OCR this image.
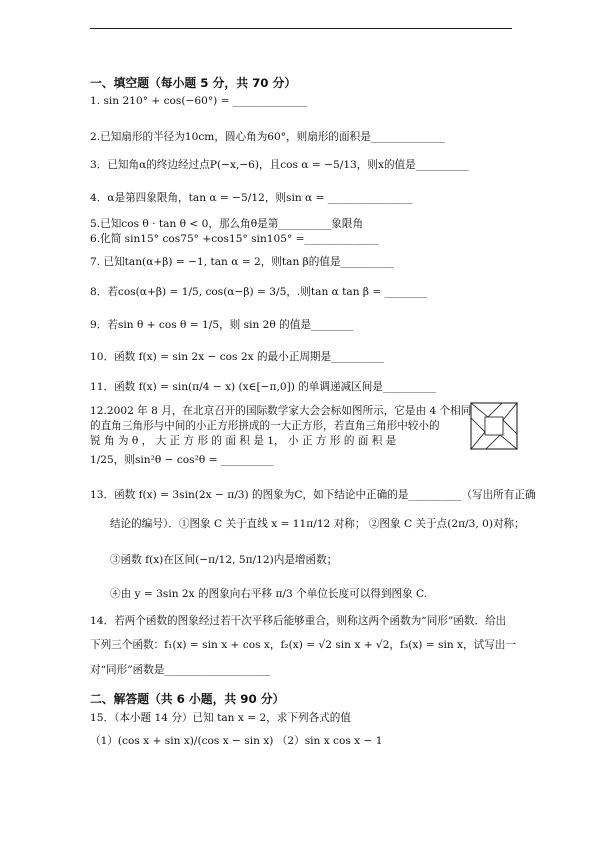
一、填空题（每小题 5 分，共 70 分）
1. sin 210° + cos(−60°) = ______________
2.已知扇形的半径为10cm，圆心角为60°，则扇形的面积是______________
3．已知角α的终边经过点P(−x,−6)，且cos α = −5/13，则x的值是__________
4．α是第四象限角，tan α = −5/12，则sin α = ________________
5.已知cos θ · tan θ < 0，那么角θ是第__________象限角
6.化简 sin15° cos75° +cos15° sin105° =______________
7. 已知tan(α+β) = −1, tan α = 2，则tan β的值是__________
8．若cos(α+β) = 1/5, cos(α−β) = 3/5，.则tan α tan β = ________
9．若sin θ + cos θ = 1/5，则 sin 2θ 的值是________
10．函数 f(x) = sin 2x − cos 2x 的最小正周期是__________
11．函数 f(x) = sin(π/4 − x) (x∈[−π,0]) 的单调递减区间是__________
12.2002 年 8 月，在北京召开的国际数学家大会会标如图所示，它是由 4 个相同
的直角三角形与中间的小正方形拼成的一大正方形，若直角三角形中较小的
锐 角 为 θ ， 大 正 方 形 的 面 积 是 1， 小 正 方 形 的 面 积 是
1/25，则sin²θ − cos²θ = __________
13．函数 f(x) = 3sin(2x − π/3) 的图象为C，如下结论中正确的是__________（写出所有正确
结论的编号）．①图象 C 关于直线 x = 11π/12 对称； ②图象 C 关于点(2π/3, 0)对称；
③函数 f(x)在区间(−π/12, 5π/12)内是增函数；
④由 y = 3sin 2x 的图象向右平移 π/3 个单位长度可以得到图象 C.
14．若两个函数的图象经过若干次平移后能够重合，则称这两个函数为“同形”函数．给出
下列三个函数：f₁(x) = sin x + cos x，f₂(x) = √2 sin x + √2，f₃(x) = sin x，试写出一
对“同形”函数是____________________
二、解答题（共 6 小题，共 90 分）
15．（本小题 14 分）已知 tan x = 2，求下列各式的值
（1）(cos x + sin x)/(cos x − sin x) （2）sin x cos x − 1
